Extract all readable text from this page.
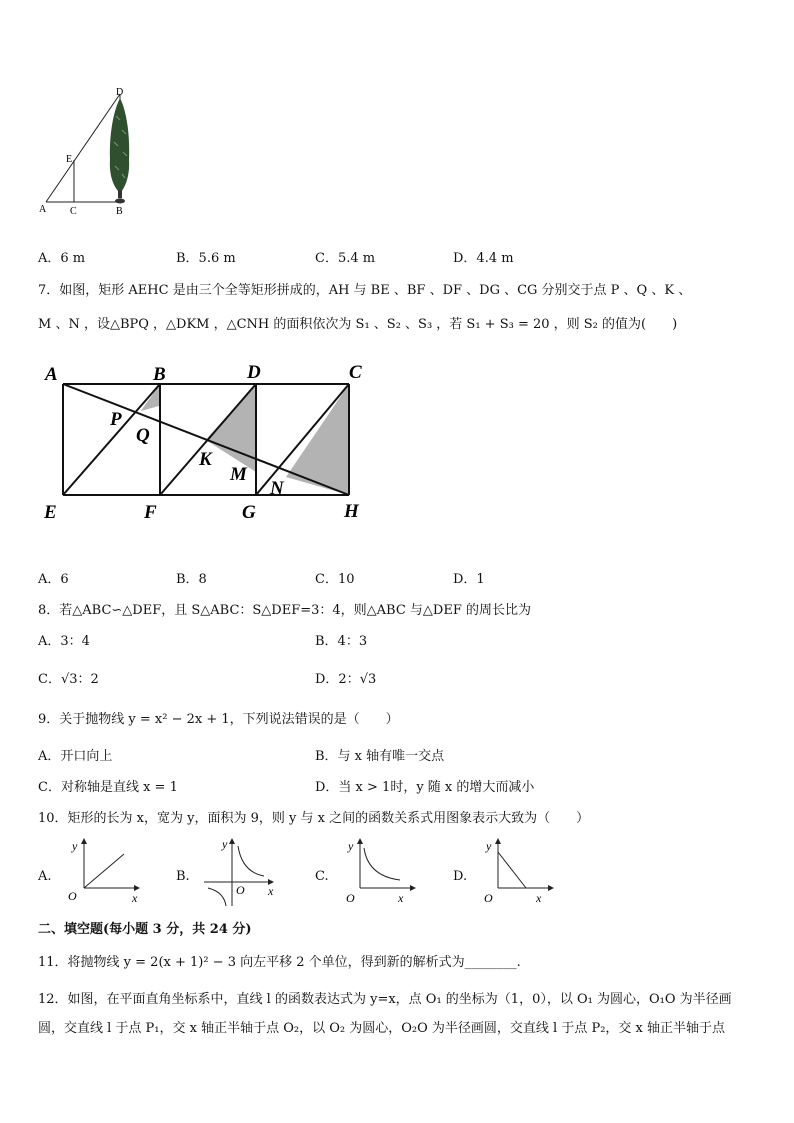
A C
E
D
B
A．6 m	B．5.6 m	C．5.4 m	D．4.4 m
7．如图，矩形 AEHC 是由三个全等矩形拼成的，AH 与 BE 、BF 、DF 、DG 、CG 分别交于点 P 、Q 、K 、
M 、N ，设△BPQ ，△DKM ，△CNH 的面积依次为 S₁ 、S₂ 、S₃ ，若 S₁ + S₃ = 20 ，则 S₂ 的值为(　　)
A	B	D	C
P
Q
K
M
N
E	F	G	H
A．6	B．8	C．10	D．1
8．若△ABC∽△DEF，且 S△ABC：S△DEF=3：4，则△ABC 与△DEF 的周长比为
A．3：4	B．4：3
C．√3：2	D．2：√3
9．关于抛物线 y = x² − 2x + 1，下列说法错误的是（　　）
A．开口向上	B．与 x 轴有唯一交点
C．对称轴是直线 x = 1	D．当 x > 1时，y 随 x 的增大而减小
10．矩形的长为 x，宽为 y，面积为 9，则 y 与 x 之间的函数关系式用图象表示大致为（　　）
A.
y
x
O
B.
y
x
O
C.
y
x
O
D.
y
x
O
二、填空题(每小题 3 分，共 24 分)
11．将抛物线 y = 2(x + 1)² − 3 向左平移 2 个单位，得到新的解析式为________.
12．如图，在平面直角坐标系中，直线 l 的函数表达式为 y=x，点 O₁ 的坐标为（1，0），以 O₁ 为圆心，O₁O 为半径画
圆，交直线 l 于点 P₁，交 x 轴正半轴于点 O₂，以 O₂ 为圆心，O₂O 为半径画圆，交直线 l 于点 P₂，交 x 轴正半轴于点
